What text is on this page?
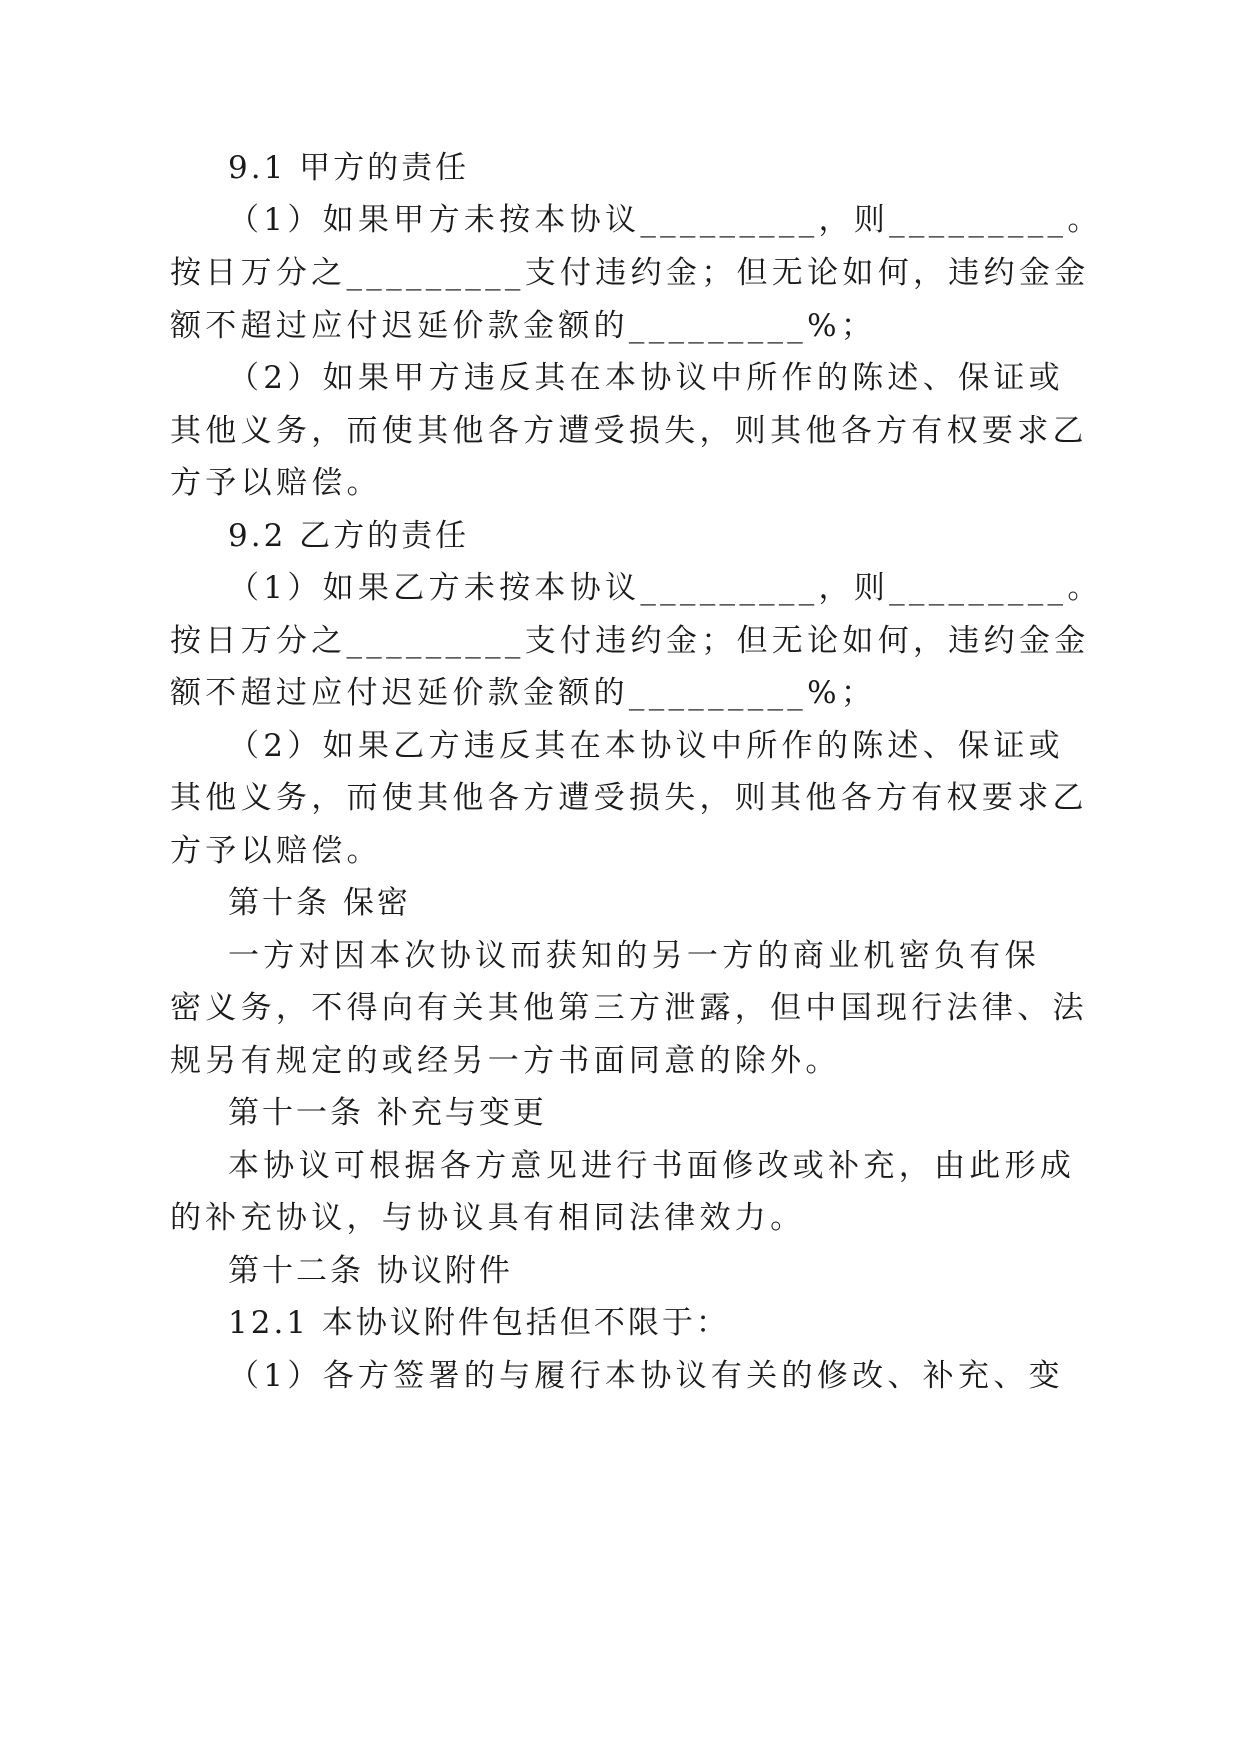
9.1 甲方的责任
（1）如果甲方未按本协议_________，则_________。
按日万分之_________支付违约金；但无论如何，违约金金
额不超过应付迟延价款金额的_________%；
（2）如果甲方违反其在本协议中所作的陈述、保证或
其他义务，而使其他各方遭受损失，则其他各方有权要求乙
方予以赔偿。
9.2 乙方的责任
（1）如果乙方未按本协议_________，则_________。
按日万分之_________支付违约金；但无论如何，违约金金
额不超过应付迟延价款金额的_________%；
（2）如果乙方违反其在本协议中所作的陈述、保证或
其他义务，而使其他各方遭受损失，则其他各方有权要求乙
方予以赔偿。
第十条 保密
一方对因本次协议而获知的另一方的商业机密负有保
密义务，不得向有关其他第三方泄露，但中国现行法律、法
规另有规定的或经另一方书面同意的除外。
第十一条 补充与变更
本协议可根据各方意见进行书面修改或补充，由此形成
的补充协议，与协议具有相同法律效力。
第十二条 协议附件
12.1 本协议附件包括但不限于：
（1）各方签署的与履行本协议有关的修改、补充、变
